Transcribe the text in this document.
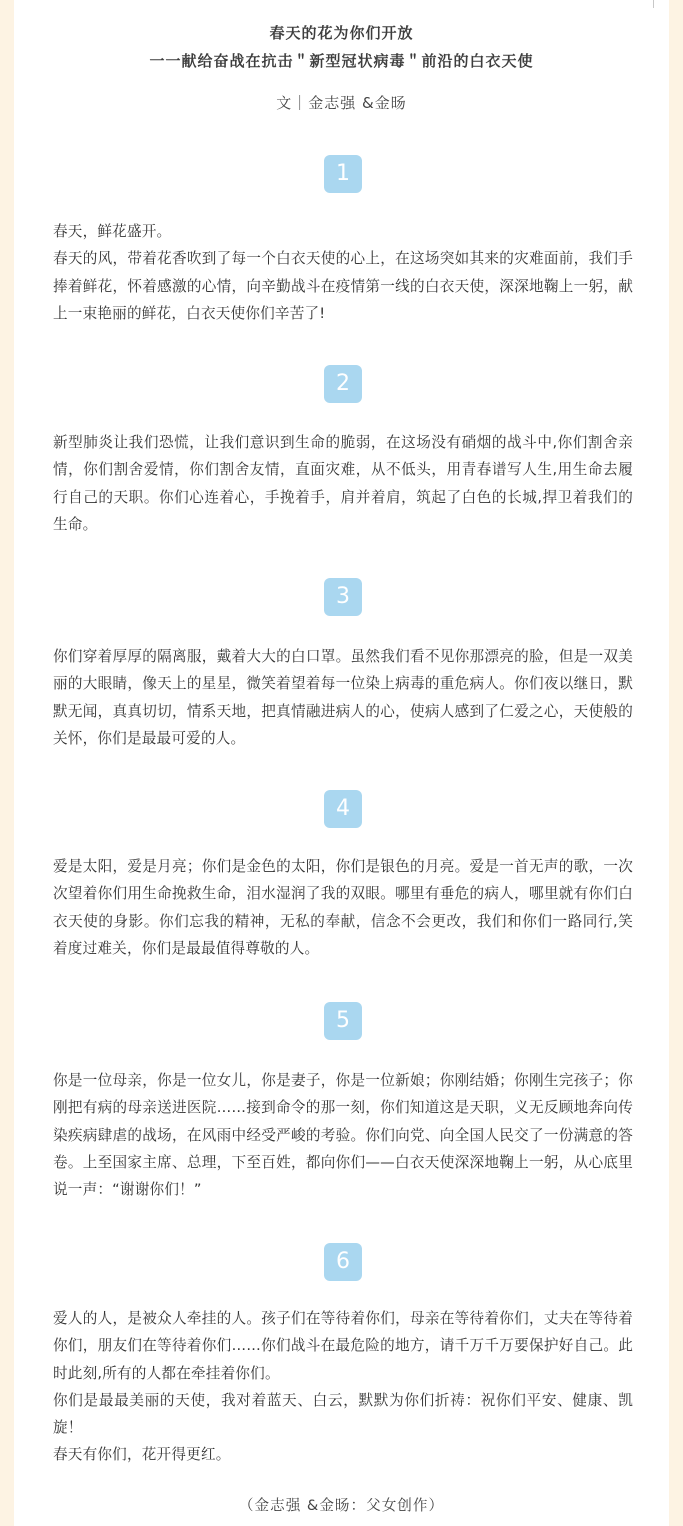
春天的花为你们开放
一一献给奋战在抗击＂新型冠状病毒＂前沿的白衣天使
文｜金志强 &金旸
1

春天，鲜花盛开。

春天的风，带着花香吹到了每一个白衣天使的心上，在这场突如其来的灾难面前，我们手捧着鲜花，怀着感激的心情，向辛勤战斗在疫情第一线的白衣天使，深深地鞠上一躬，献上一束艳丽的鲜花，白衣天使你们辛苦了!

2

新型肺炎让我们恐慌，让我们意识到生命的脆弱，在这场没有硝烟的战斗中,你们割舍亲情，你们割舍爱情，你们割舍友情，直面灾难，从不低头，用青春谱写人生,用生命去履行自己的天职。你们心连着心，手挽着手，肩并着肩，筑起了白色的长城,捍卫着我们的生命。

3

你们穿着厚厚的隔离服，戴着大大的白口罩。虽然我们看不见你那漂亮的脸，但是一双美丽的大眼睛，像天上的星星，微笑着望着每一位染上病毒的重危病人。你们夜以继日，默默无闻，真真切切，情系天地，把真情融进病人的心，使病人感到了仁爱之心，天使般的关怀，你们是最最可爱的人。

4

爱是太阳，爱是月亮；你们是金色的太阳，你们是银色的月亮。爱是一首无声的歌，一次次望着你们用生命挽救生命，泪水湿润了我的双眼。哪里有垂危的病人，哪里就有你们白衣天使的身影。你们忘我的精神，无私的奉献，信念不会更改，我们和你们一路同行,笑着度过难关，你们是最最值得尊敬的人。

5

你是一位母亲，你是一位女儿，你是妻子，你是一位新娘；你刚结婚；你刚生完孩子；你刚把有病的母亲送进医院……接到命令的那一刻，你们知道这是天职，义无反顾地奔向传染疾病肆虐的战场，在风雨中经受严峻的考验。你们向党、向全国人民交了一份满意的答卷。上至国家主席、总理，下至百姓，都向你们——白衣天使深深地鞠上一躬，从心底里说一声：“谢谢你们！”

6

爱人的人，是被众人牵挂的人。孩子们在等待着你们，母亲在等待着你们，丈夫在等待着你们，朋友们在等待着你们……你们战斗在最危险的地方，请千万千万要保护好自己。此时此刻,所有的人都在牵挂着你们。

你们是最最美丽的天使，我对着蓝天、白云，默默为你们折祷：祝你们平安、健康、凯旋！

春天有你们，花开得更红。

（金志强 &金旸：父女创作）
